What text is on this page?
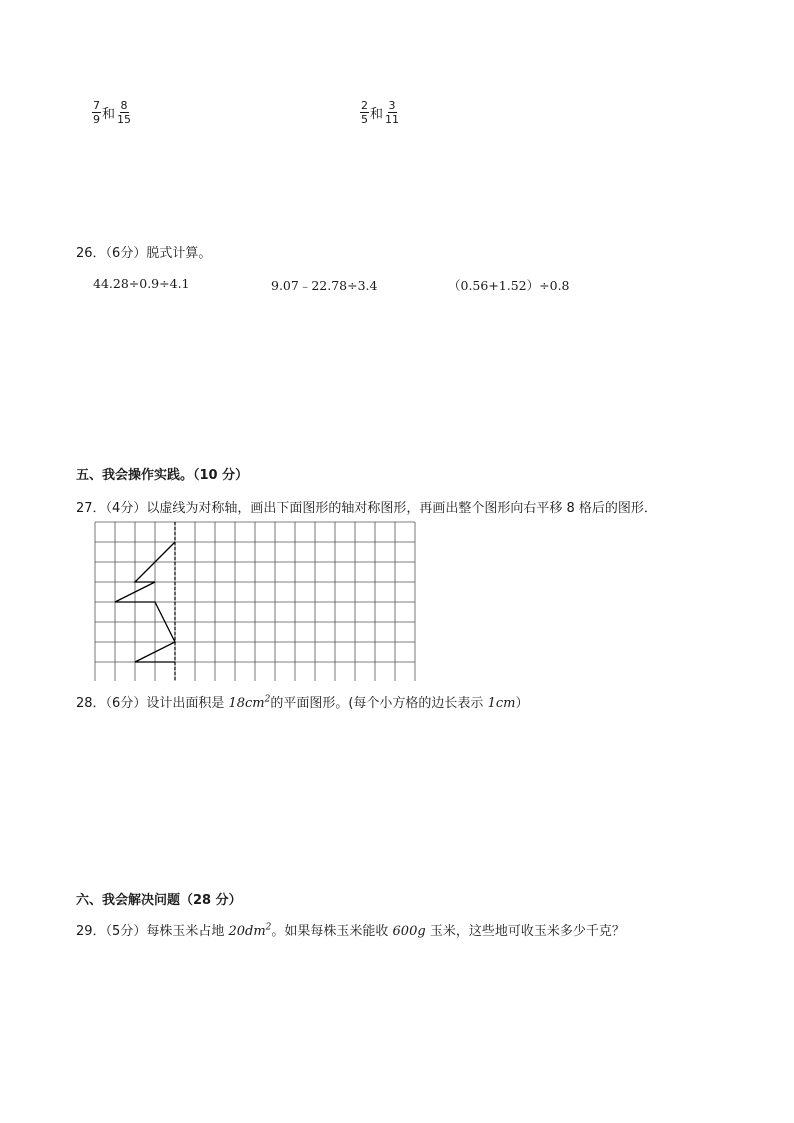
$\frac{7}{9}$ 和 $\frac{8}{15}$	$\frac{2}{5}$ 和 $\frac{3}{11}$
26．（6分）脱式计算。
44.28÷0.9÷4.1	9.07﹣22.78÷3.4	（0.56+1.52）÷0.8
五、我会操作实践。（10 分）
27．（4分）以虚线为对称轴，画出下面图形的轴对称图形，再画出整个图形向右平移 8 格后的图形．
28．（6分）设计出面积是 $18cm^2$的平面图形。(每个小方格的边长表示 1cm）
六、我会解决问题（28 分）
29．（5分）每株玉米占地 $20dm^2$。如果每株玉米能收 600g 玉米，这些地可收玉米多少千克？
